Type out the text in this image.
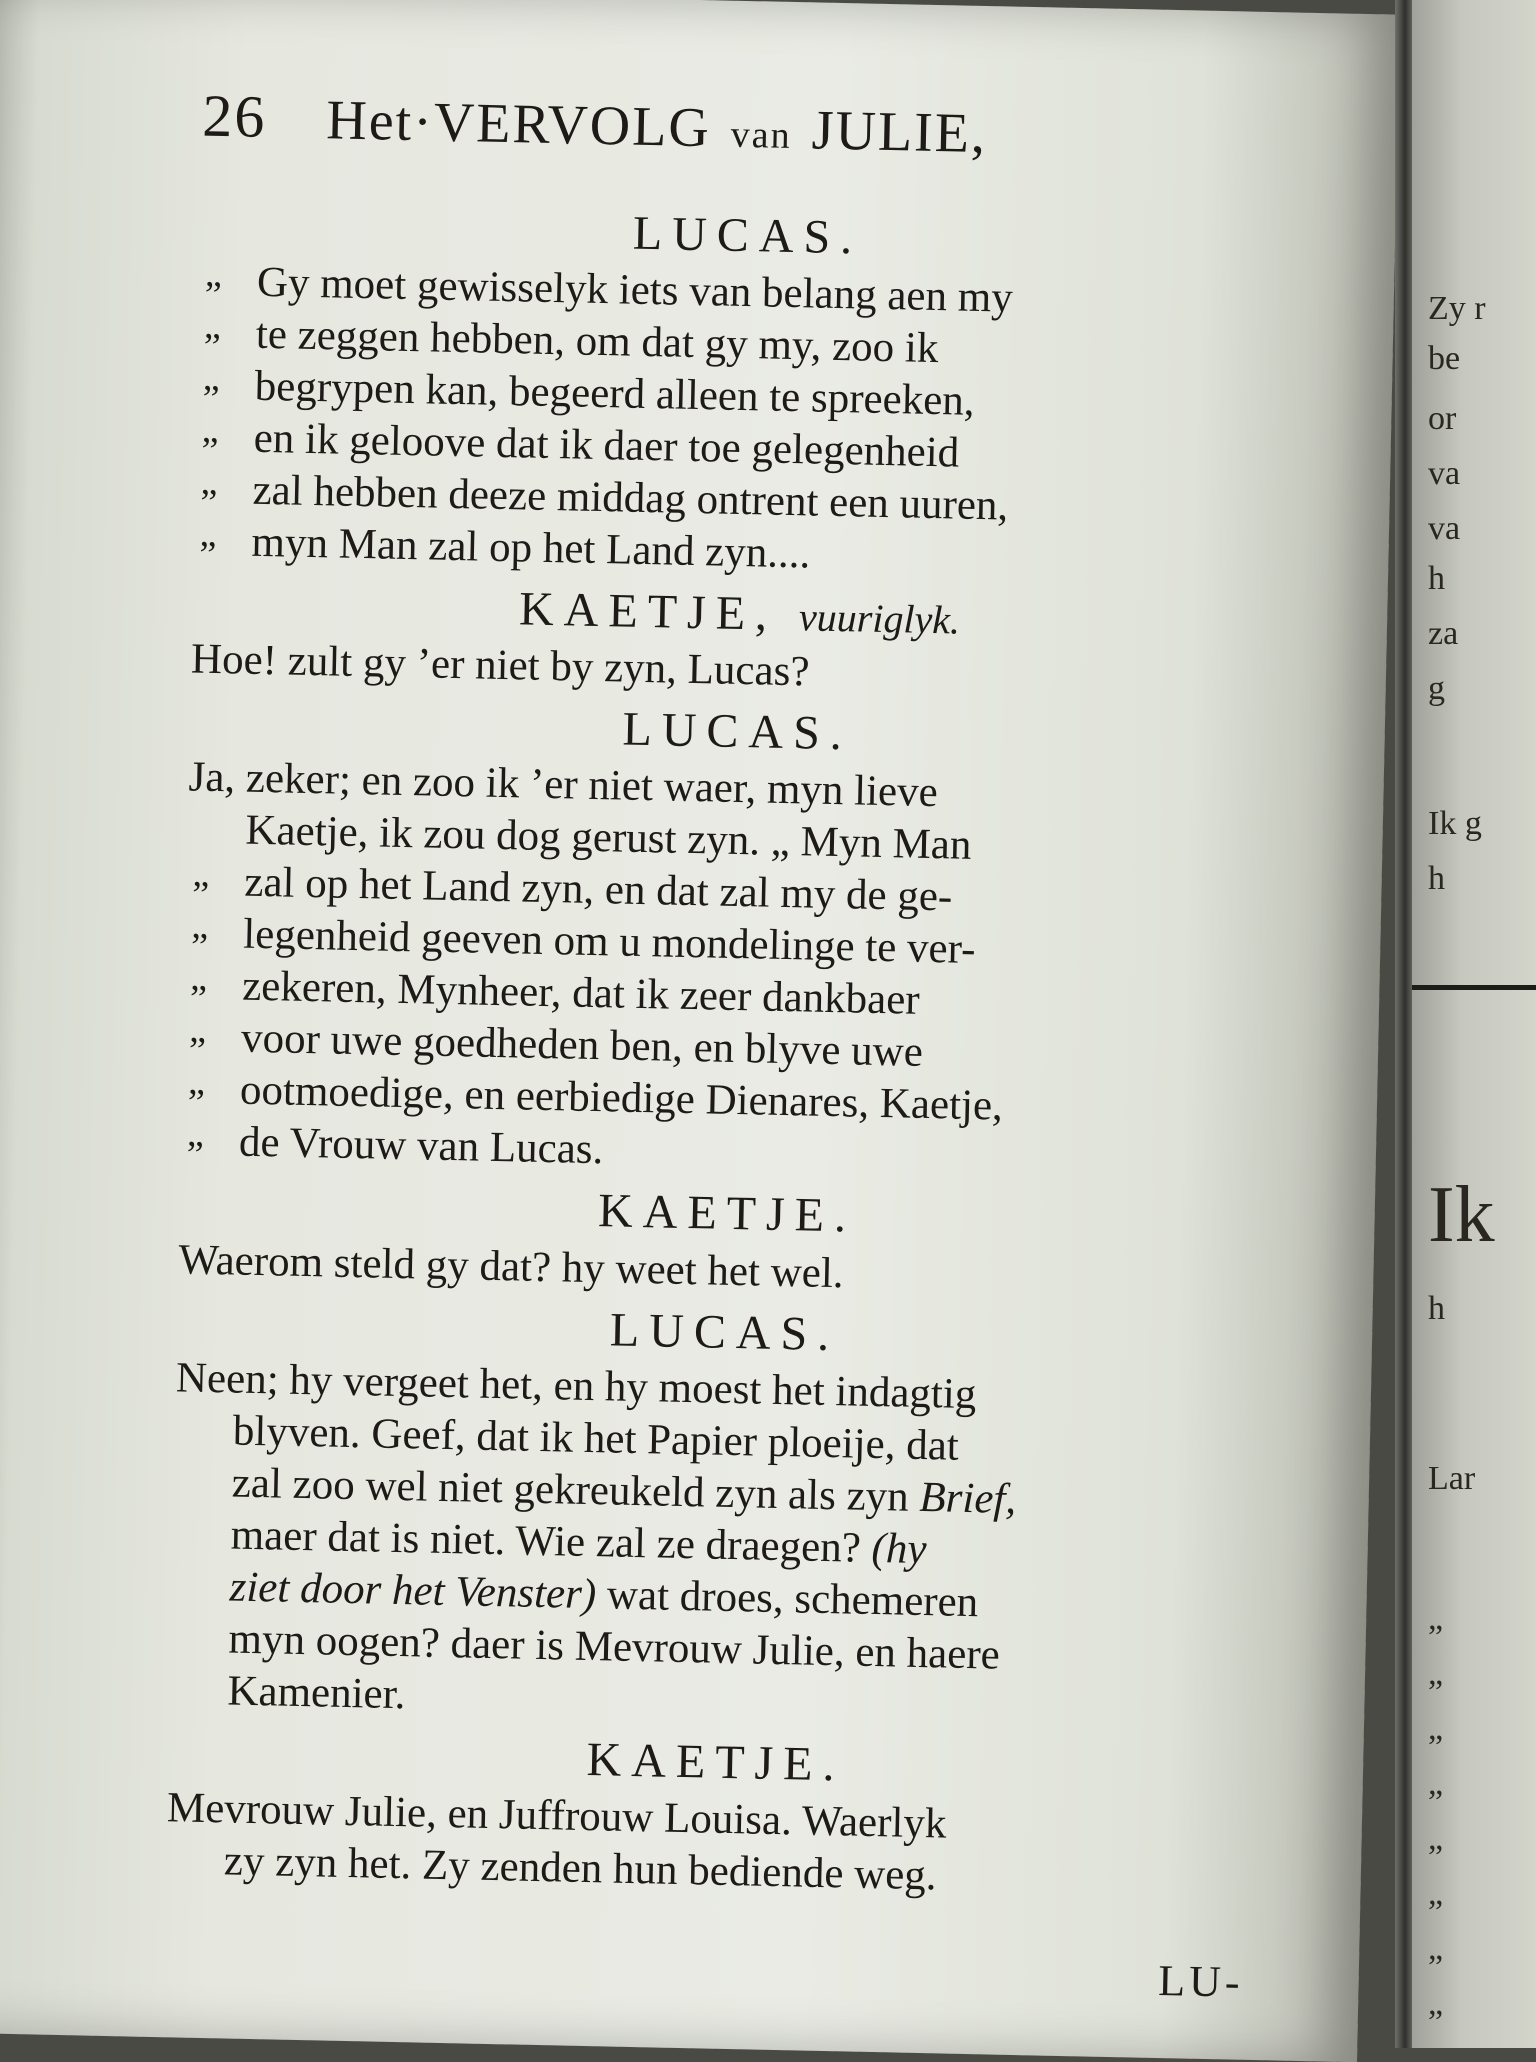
26 Het·VERVOLG van JULIE,
LUCAS.
„ Gy moet gewisselyk iets van belang aen my
„ te zeggen hebben, om dat gy my, zoo ik
„ begrypen kan, begeerd alleen te spreeken,
„ en ik geloove dat ik daer toe gelegenheid
„ zal hebben deeze middag ontrent een uuren,
„ myn Man zal op het Land zyn....
KAETJE, vuuriglyk.
Hoe! zult gy ’er niet by zyn, Lucas?
LUCAS.
Ja, zeker; en zoo ik ’er niet waer, myn lieve
Kaetje, ik zou dog gerust zyn. „ Myn Man
„ zal op het Land zyn, en dat zal my de ge-
„ legenheid geeven om u mondelinge te ver-
„ zekeren, Mynheer, dat ik zeer dankbaer
„ voor uwe goedheden ben, en blyve uwe
„ ootmoedige, en eerbiedige Dienares, Kaetje,
„ de Vrouw van Lucas.
KAETJE.
Waerom steld gy dat? hy weet het wel.
LUCAS.
Neen; hy vergeet het, en hy moest het indagtig
blyven. Geef, dat ik het Papier ploeije, dat
zal zoo wel niet gekreukeld zyn als zyn Brief,
maer dat is niet. Wie zal ze draegen? (hy
ziet door het Venster) wat droes, schemeren
myn oogen? daer is Mevrouw Julie, en haere
Kamenier.
KAETJE.
Mevrouw Julie, en Juffrouw Louisa. Waerlyk
zy zyn het. Zy zenden hun bediende weg.
LU-
Zy r
be
or
va
va
h
za
g
Ik g
h
Ik
h
Lar
„
„
„
„
„
„
„
„
